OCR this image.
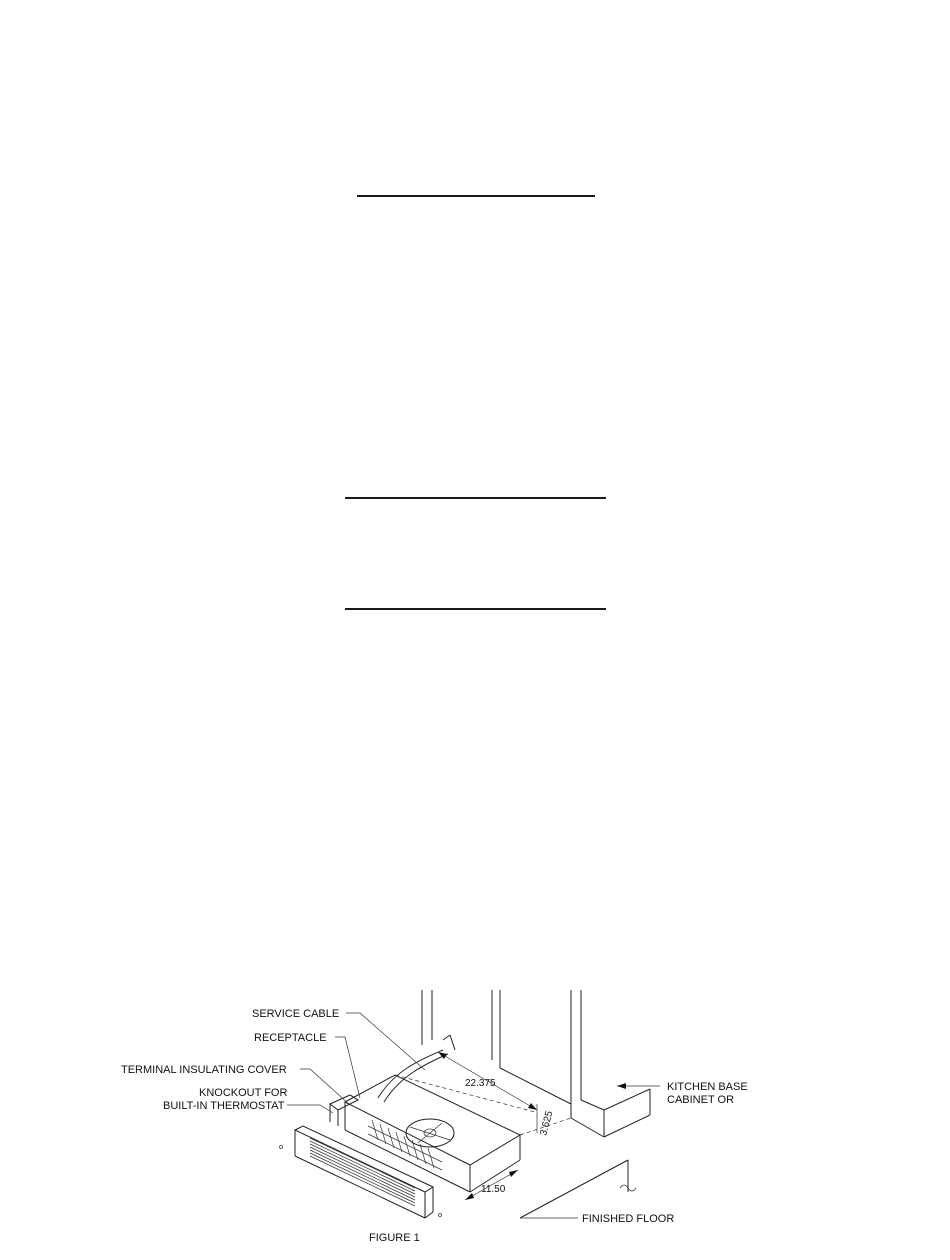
SERVICE CABLE
RECEPTACLE
TERMINAL INSULATING COVER
KNOCKOUT FOR
BUILT-IN THERMOSTAT
KITCHEN BASE
CABINET OR
FINISHED FLOOR
22.375
3.625
11.50
FIGURE 1
